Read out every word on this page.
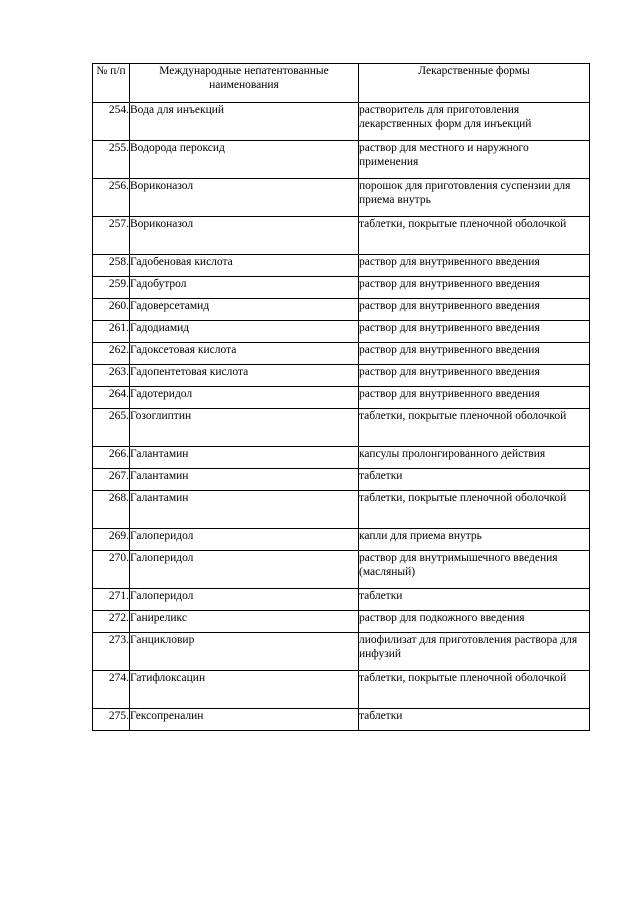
№ п/п	Международные непатентованные наименования	Лекарственные формы
254.	Вода для инъекций	растворитель для приготовления лекарственных форм для инъекций
255.	Водорода пероксид	раствор для местного и наружного применения
256.	Вориконазол	порошок для приготовления суспензии для приема внутрь
257.	Вориконазол	таблетки, покрытые пленочной оболочкой
258.	Гадобеновая кислота	раствор для внутривенного введения
259.	Гадобутрол	раствор для внутривенного введения
260.	Гадоверсетамид	раствор для внутривенного введения
261.	Гадодиамид	раствор для внутривенного введения
262.	Гадоксетовая кислота	раствор для внутривенного введения
263.	Гадопентетовая кислота	раствор для внутривенного введения
264.	Гадотеридол	раствор для внутривенного введения
265.	Гозоглиптин	таблетки, покрытые пленочной оболочкой
266.	Галантамин	капсулы пролонгированного действия
267.	Галантамин	таблетки
268.	Галантамин	таблетки, покрытые пленочной оболочкой
269.	Галоперидол	капли для приема внутрь
270.	Галоперидол	раствор для внутримышечного введения (масляный)
271.	Галоперидол	таблетки
272.	Ганиреликс	раствор для подкожного введения
273.	Ганцикловир	лиофилизат для приготовления раствора для инфузий
274.	Гатифлоксацин	таблетки, покрытые пленочной оболочкой
275.	Гексопреналин	таблетки
